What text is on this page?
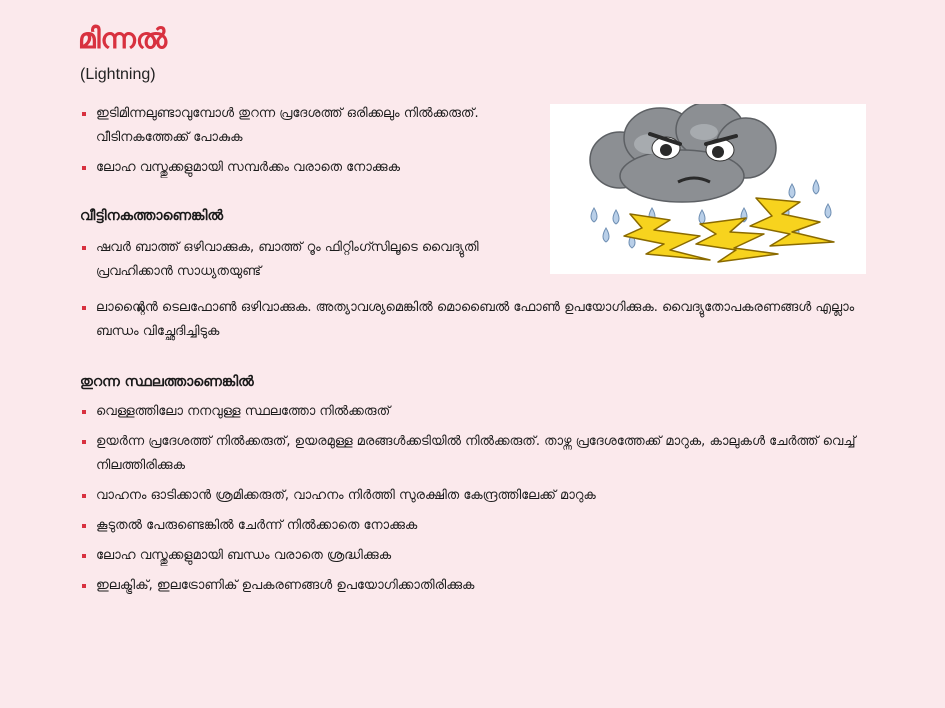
മിന്നൽ
(Lightning)
ഇടിമിന്നലുണ്ടാവുമ്പോൾ തുറന്ന പ്രദേശത്ത് ഒരിക്കലും നിൽക്കരുത്. വീടിനകത്തേക്ക് പോകുക
ലോഹ വസ്തുക്കളുമായി സമ്പർക്കം വരാതെ നോക്കുക
വീട്ടിനകത്താണെങ്കിൽ
ഷവർ ബാത്ത് ഒഴിവാക്കുക, ബാത്ത് റൂം ഫിറ്റിംഗ്സിലൂടെ വൈദ്യുതി പ്രവഹിക്കാൻ സാധ്യതയുണ്ട്
ലാന്റ്ലൈൻ ടെലഫോൺ ഒഴിവാക്കുക. അത്യാവശ്യമെങ്കിൽ മൊബൈൽ ഫോൺ ഉപയോഗിക്കുക. വൈദ്യുതോപകരണങ്ങൾ എല്ലാം ബന്ധം വിച്ഛേദിച്ചിടുക
തുറന്ന സ്ഥലത്താണെങ്കിൽ
വെള്ളത്തിലോ നനവുള്ള സ്ഥലത്തോ നിൽക്കരുത്
ഉയർന്ന പ്രദേശത്ത് നിൽക്കരുത്, ഉയരമുള്ള മരങ്ങൾക്കടിയിൽ നിൽക്കരുത്. താഴ്ന്ന പ്രദേശത്തേക്ക് മാറുക, കാലുകൾ ചേർത്ത് വെച്ച് നിലത്തിരിക്കുക
വാഹനം ഓടിക്കാൻ ശ്രമിക്കരുത്, വാഹനം നിർത്തി സുരക്ഷിത കേന്ദ്രത്തിലേക്ക് മാറുക
കൂടുതൽ പേരുണ്ടെങ്കിൽ ചേർന്ന് നിൽക്കാതെ നോക്കുക
ലോഹ വസ്തുക്കളുമായി ബന്ധം വരാതെ ശ്രദ്ധിക്കുക
ഇലക്ട്രിക്, ഇലട്രോണിക് ഉപകരണങ്ങൾ ഉപയോഗിക്കാതിരിക്കുക
